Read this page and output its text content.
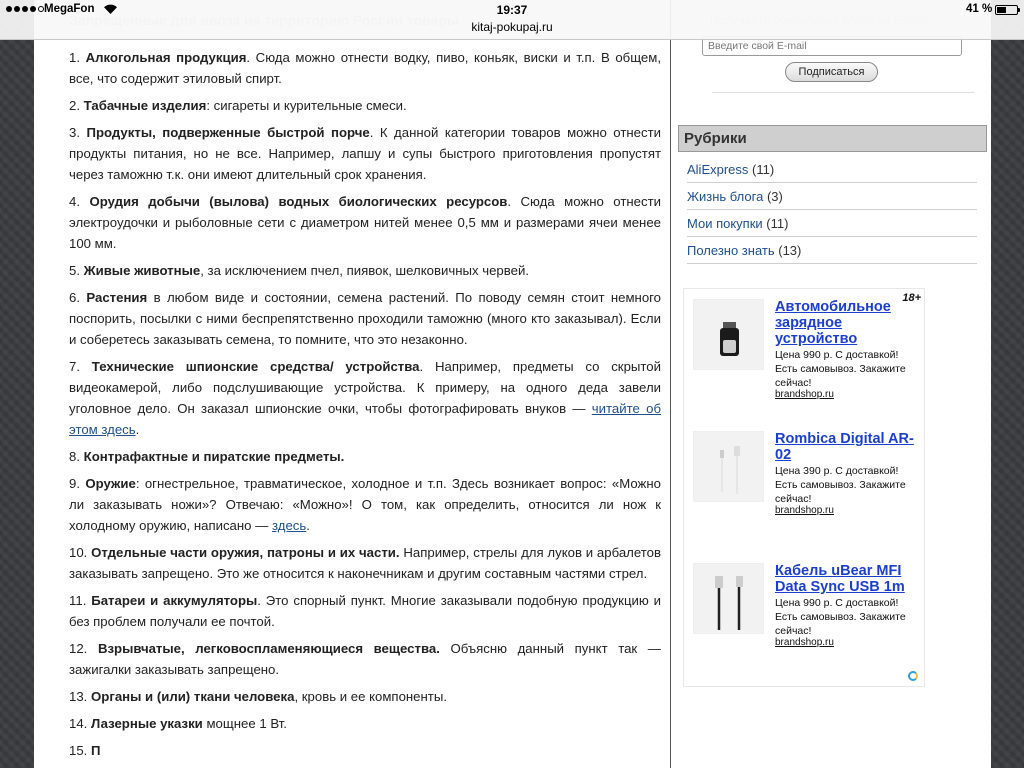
1. Алкогольная продукция. Сюда можно отнести водку, пиво, коньяк, виски и т.п. В общем, все, что содержит этиловый спирт.

2. Табачные изделия: сигареты и курительные смеси.

3. Продукты, подверженные быстрой порче. К данной категории товаров можно отнести продукты питания, но не все. Например, лапшу и супы быстрого приготовления пропустят через таможню т.к. они имеют длительный срок хранения.

4. Орудия добычи (вылова) водных биологических ресурсов. Сюда можно отнести электроудочки и рыболовные сети с диаметром нитей менее 0,5 мм и размерами ячеи менее 100 мм.

5. Живые животные, за исключением пчел, пиявок, шелковичных червей.

6. Растения в любом виде и состоянии, семена растений. По поводу семян стоит немного поспорить, посылки с ними беспрепятственно проходили таможню (много кто заказывал). Если и соберетесь заказывать семена, то помните, что это незаконно.

7. Технические шпионские средства/ устройства. Например, предметы со скрытой видеокамерой, либо подслушивающие устройства. К примеру, на одного деда завели уголовное дело. Он заказал шпионские очки, чтобы фотографировать внуков — читайте об этом здесь.

8. Контрафактные и пиратские предметы.

9. Оружие: огнестрельное, травматическое, холодное и т.п. Здесь возникает вопрос: «Можно ли заказывать ножи»? Отвечаю: «Можно»! О том, как определить, относится ли нож к холодному оружию, написано — здесь.

10. Отдельные части оружия, патроны и их части. Например, стрелы для луков и арбалетов заказывать запрещено. Это же относится к наконечникам и другим составным частями стрел.

11. Батареи и аккумуляторы. Это спорный пункт. Многие заказывали подобную продукцию и без проблем получали ее почтой.

12. Взрывчатые, легковоспламеняющиеся вещества. Объясню данный пункт так — зажигалки заказывать запрещено.

13. Органы и (или) ткани человека, кровь и ее компоненты.

14. Лазерные указки мощнее 1 Вт.

15. П

Введите свой E-mail
Подписаться
Рубрики
AliExpress (11)
Жизнь блога (3)
Мои покупки (11)
Полезно знать (13)
18+
Автомобильное зарядное устройство
Цена 990 р. С доставкой! Есть самовывоз. Закажите сейчас!
brandshop.ru
Rombica Digital AR-02
Цена 390 р. С доставкой! Есть самовывоз. Закажите сейчас!
brandshop.ru
Кабель uBear MFI Data Sync USB 1m
Цена 990 р. С доставкой! Есть самовывоз. Закажите сейчас!
brandshop.ru
MegaFon	19:37
kitaj-pokupaj.ru
41 %
